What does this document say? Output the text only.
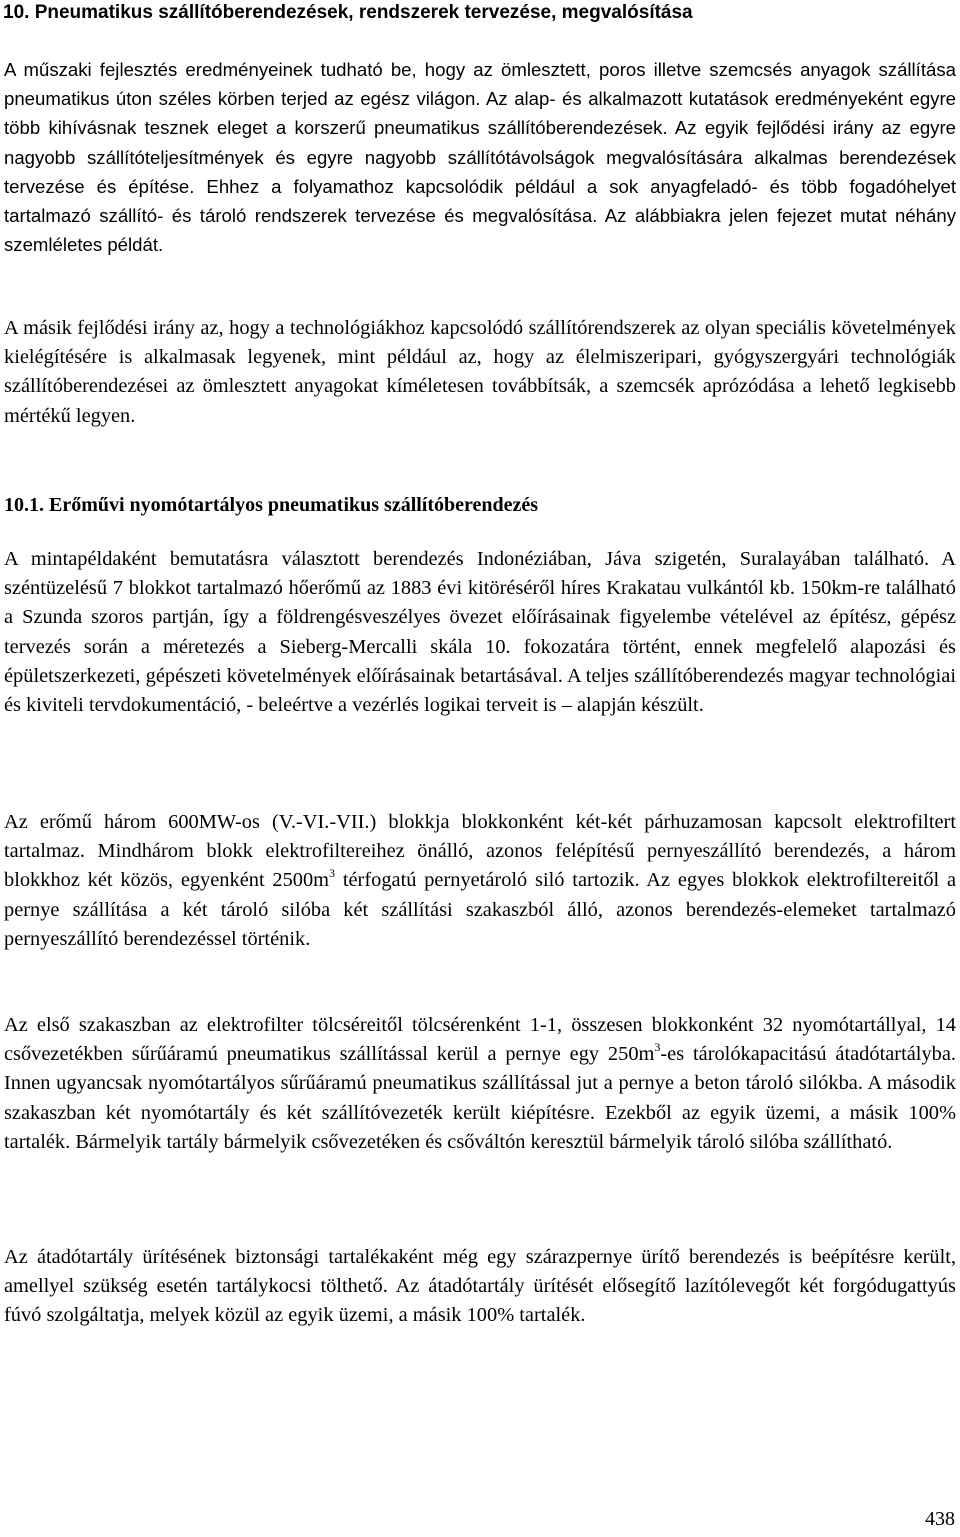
10. Pneumatikus szállítóberendezések, rendszerek tervezése, megvalósítása

A műszaki fejlesztés eredményeinek tudható be, hogy az ömlesztett, poros illetve szemcsés anyagok szállítása pneumatikus úton széles körben terjed az egész világon. Az alap- és alkalmazott kutatások eredményeként egyre több kihívásnak tesznek eleget a korszerű pneumatikus szállítóberendezések. Az egyik fejlődési irány az egyre nagyobb szállítóteljesítmények és egyre nagyobb szállítótávolságok megvalósítására alkalmas berendezések tervezése és építése. Ehhez a folyamathoz kapcsolódik például a sok anyagfeladó- és több fogadóhelyet tartalmazó szállító- és tároló rendszerek tervezése és megvalósítása. Az alábbiakra jelen fejezet mutat néhány szemléletes példát.

A másik fejlődési irány az, hogy a technológiákhoz kapcsolódó szállítórendszerek az olyan speciális követelmények kielégítésére is alkalmasak legyenek, mint például az, hogy az élelmiszeripari, gyógyszergyári technológiák szállítóberendezései az ömlesztett anyagokat kíméletesen továbbítsák, a szemcsék aprózódása a lehető legkisebb mértékű legyen.

10.1. Erőművi nyomótartályos pneumatikus szállítóberendezés

A mintapéldaként bemutatásra választott berendezés Indonéziában, Jáva szigetén, Suralayában található. A széntüzelésű 7 blokkot tartalmazó hőerőmű az 1883 évi kitöréséről híres Krakatau vulkántól kb. 150km-re található a Szunda szoros partján, így a földrengésveszélyes övezet előírásainak figyelembe vételével az építész, gépész tervezés során a méretezés a Sieberg-Mercalli skála 10. fokozatára történt, ennek megfelelő alapozási és épületszerkezeti, gépészeti követelmények előírásainak betartásával. A teljes szállítóberendezés magyar technológiai és kiviteli tervdokumentáció, - beleértve a vezérlés logikai terveit is – alapján készült.

Az erőmű három 600MW-os (V.-VI.-VII.) blokkja blokkonként két-két párhuzamosan kapcsolt elektrofiltert tartalmaz. Mindhárom blokk elektrofiltereihez önálló, azonos felépítésű pernyeszállító berendezés, a három blokkhoz két közös, egyenként $2500m^3$ térfogatú pernyetároló siló tartozik. Az egyes blokkok elektrofiltereitől a pernye szállítása a két tároló silóba két szállítási szakaszból álló, azonos berendezés-elemeket tartalmazó pernyeszállító berendezéssel történik.

Az első szakaszban az elektrofilter tölcséreitől tölcsérenként 1-1, összesen blokkonként 32 nyomótartállyal, 14 csővezetékben sűrűáramú pneumatikus szállítással kerül a pernye egy $250m^3-es$ tárolókapacitású átadótartályba. Innen ugyancsak nyomótartályos sűrűáramú pneumatikus szállítással jut a pernye a beton tároló silókba. A második szakaszban két nyomótartály és két szállítóvezeték került kiépítésre. Ezekből az egyik üzemi, a másik 100% tartalék. Bármelyik tartály bármelyik csővezetéken és csőváltón keresztül bármelyik tároló silóba szállítható.

Az átadótartály ürítésének biztonsági tartalékaként még egy szárazpernye ürítő berendezés is beépítésre került, amellyel szükség esetén tartálykocsi tölthető. Az átadótartály ürítését elősegítő lazítólevegőt két forgódugattyús fúvó szolgáltatja, melyek közül az egyik üzemi, a másik 100% tartalék.

438
